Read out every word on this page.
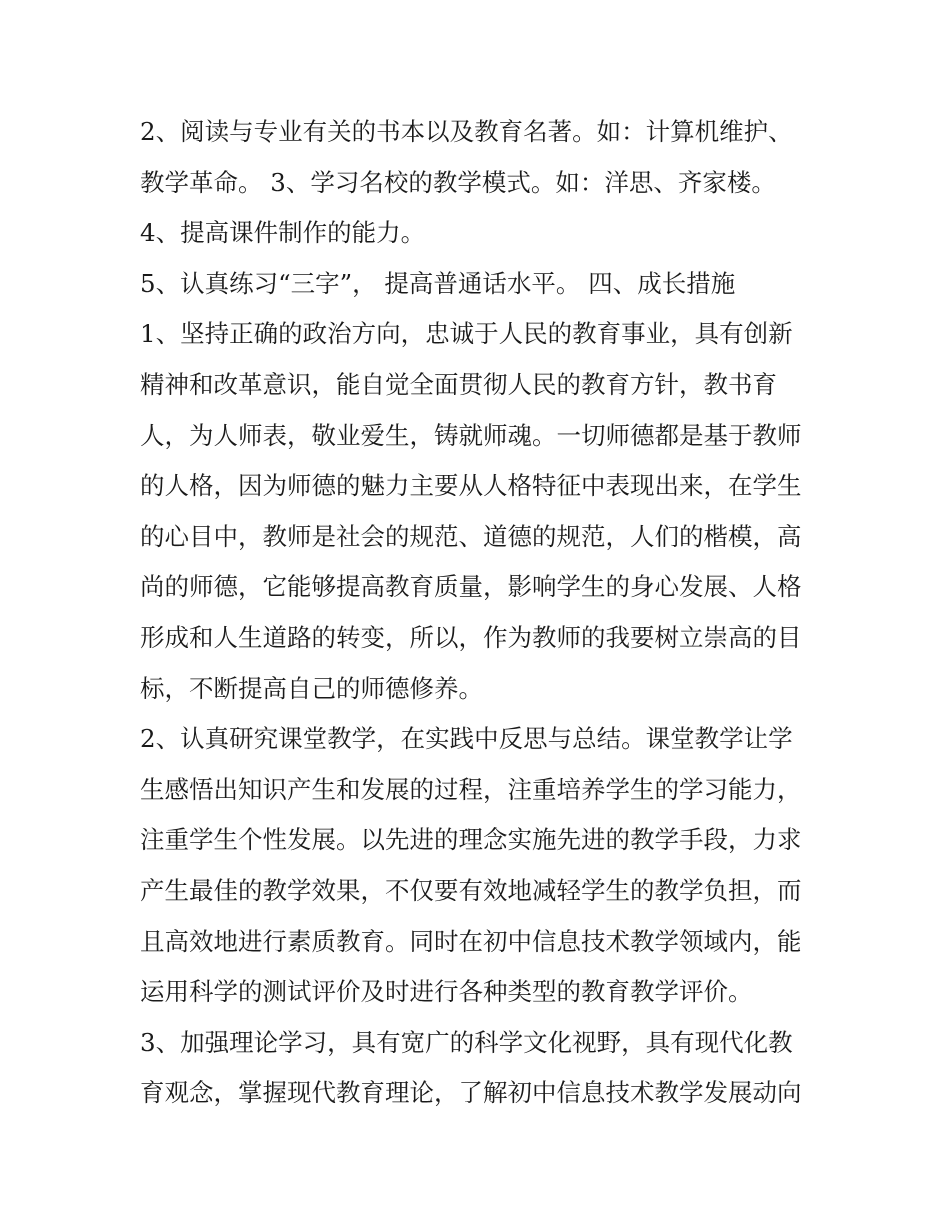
2、阅读与专业有关的书本以及教育名著。如：计算机维护、
教学革命。 3、学习名校的教学模式。如：洋思、齐家楼。
4、提高课件制作的能力。
5、认真练习“三字”， 提高普通话水平。 四、成长措施
1、坚持正确的政治方向，忠诚于人民的教育事业，具有创新
精神和改革意识，能自觉全面贯彻人民的教育方针，教书育
人，为人师表，敬业爱生，铸就师魂。一切师德都是基于教师
的人格，因为师德的魅力主要从人格特征中表现出来，在学生
的心目中，教师是社会的规范、道德的规范，人们的楷模，高
尚的师德，它能够提高教育质量，影响学生的身心发展、人格
形成和人生道路的转变，所以，作为教师的我要树立崇高的目
标，不断提高自己的师德修养。
2、认真研究课堂教学，在实践中反思与总结。课堂教学让学
生感悟出知识产生和发展的过程，注重培养学生的学习能力，
注重学生个性发展。以先进的理念实施先进的教学手段，力求
产生最佳的教学效果，不仅要有效地减轻学生的教学负担，而
且高效地进行素质教育。同时在初中信息技术教学领域内，能
运用科学的测试评价及时进行各种类型的教育教学评价。
3、加强理论学习，具有宽广的科学文化视野，具有现代化教
育观念，掌握现代教育理论，了解初中信息技术教学发展动向
